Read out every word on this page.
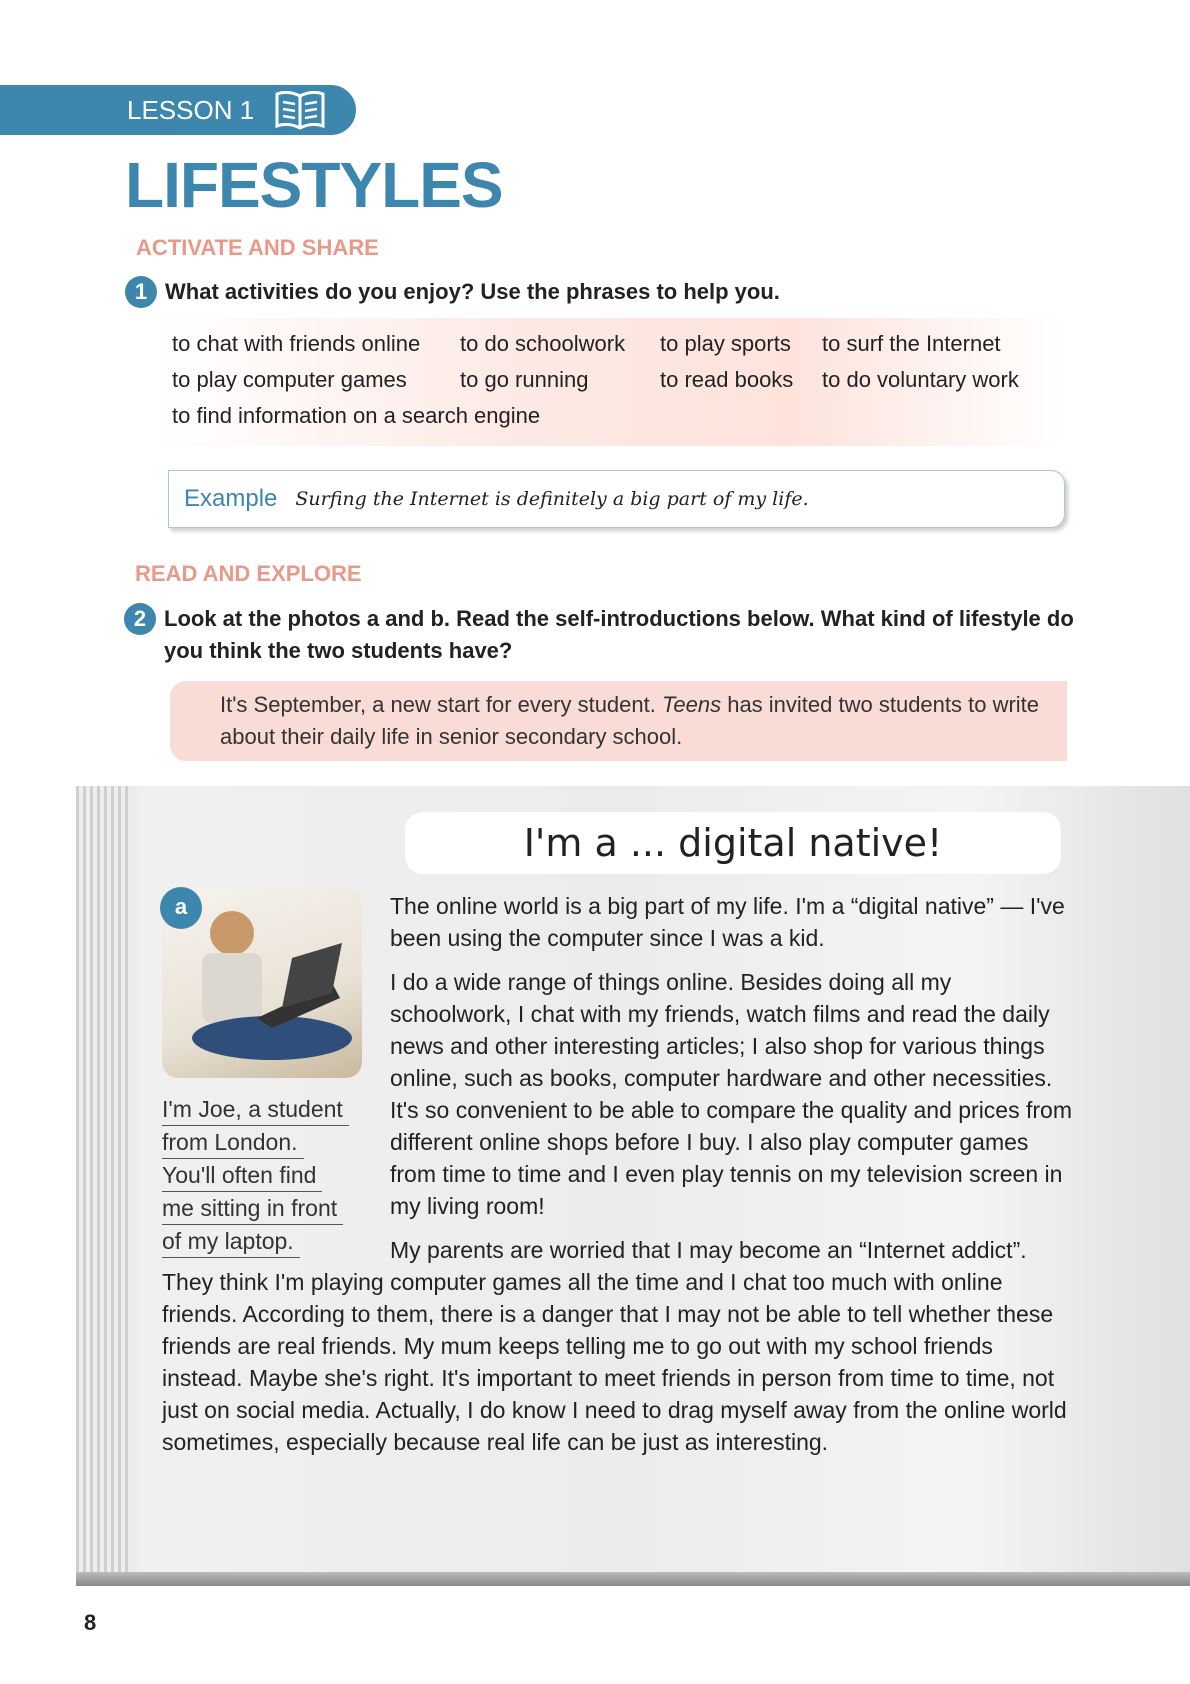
LESSON 1
LIFESTYLES
ACTIVATE AND SHARE
1 What activities do you enjoy? Use the phrases to help you.
to chat with friends online	to do schoolwork	to play sports	to surf the Internet
to play computer games	to go running	to read books	to do voluntary work
to find information on a search engine
Example Surfing the Internet is definitely a big part of my life.
READ AND EXPLORE
2 Look at the photos a and b. Read the self-introductions below. What kind of lifestyle do you think the two students have?
It's September, a new start for every student. Teens has invited two students to write about their daily life in senior secondary school.
I'm a ... digital native!
a
I'm Joe, a student
from London.
You'll often find
me sitting in front
of my laptop.

The online world is a big part of my life. I'm a “digital native” — I've been using the computer since I was a kid.

I do a wide range of things online. Besides doing all my schoolwork, I chat with my friends, watch films and read the daily news and other interesting articles; I also shop for various things online, such as books, computer hardware and other necessities. It's so convenient to be able to compare the quality and prices from different online shops before I buy. I also play computer games from time to time and I even play tennis on my television screen in my living room!

My parents are worried that I may become an “Internet addict”. They think I'm playing computer games all the time and I chat too much with online friends. According to them, there is a danger that I may not be able to tell whether these friends are real friends. My mum keeps telling me to go out with my school friends instead. Maybe she's right. It's important to meet friends in person from time to time, not just on social media. Actually, I do know I need to drag myself away from the online world sometimes, especially because real life can be just as interesting.

8
